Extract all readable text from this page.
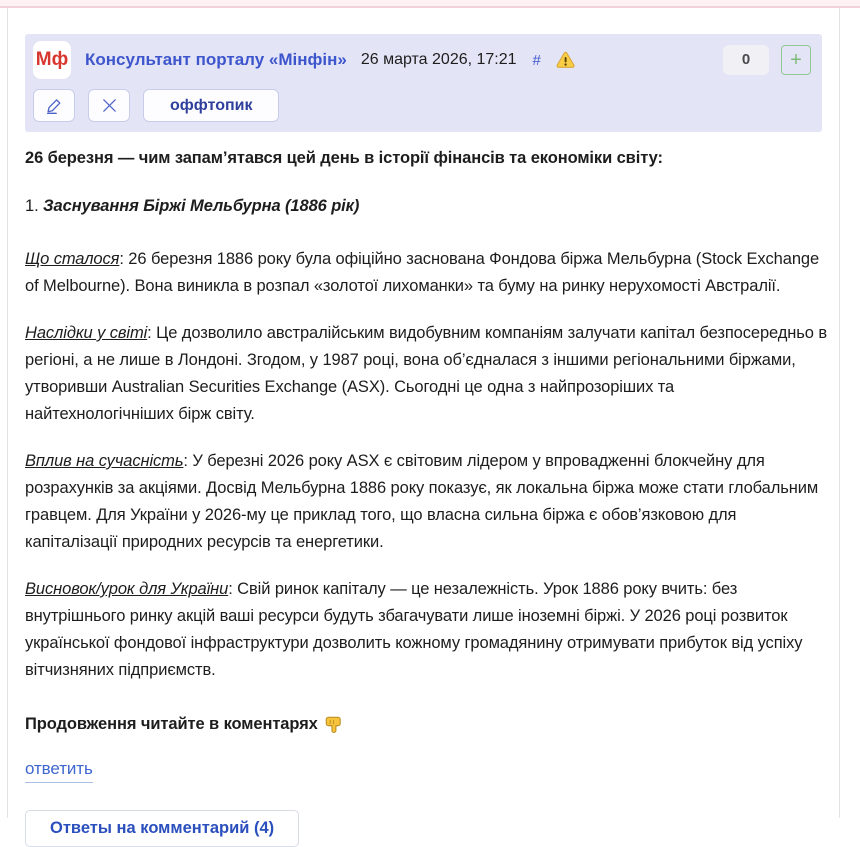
Мф Консультант порталу «Мінфін» 26 марта 2026, 17:21 #	0	+
оффтопик

26 березня — чим запам’ятався цей день в історії фінансів та економіки світу:

1. Заснування Біржі Мельбурна (1886 рік)

Що сталося: 26 березня 1886 року була офіційно заснована Фондова біржа Мельбурна (Stock Exchange of Melbourne). Вона виникла в розпал «золотої лихоманки» та буму на ринку нерухомості Австралії.

Наслідки у світі: Це дозволило австралійським видобувним компаніям залучати капітал безпосередньо в регіоні, а не лише в Лондоні. Згодом, у 1987 році, вона об’єдналася з іншими регіональними біржами, утворивши Australian Securities Exchange (ASX). Сьогодні це одна з найпрозоріших та найтехнологічніших бірж світу.

Вплив на сучасність: У березні 2026 року ASX є світовим лідером у впровадженні блокчейну для розрахунків за акціями. Досвід Мельбурна 1886 року показує, як локальна біржа може стати глобальним гравцем. Для України у 2026-му це приклад того, що власна сильна біржа є обов’язковою для капіталізації природних ресурсів та енергетики.

Висновок/урок для України: Свій ринок капіталу — це незалежність. Урок 1886 року вчить: без внутрішнього ринку акцій ваші ресурси будуть збагачувати лише іноземні біржі. У 2026 році розвиток української фондової інфраструктури дозволить кожному громадянину отримувати прибуток від успіху вітчизняних підприємств.

Продовження читайте в коментарях

ответить
Ответы на комментарий (4)
